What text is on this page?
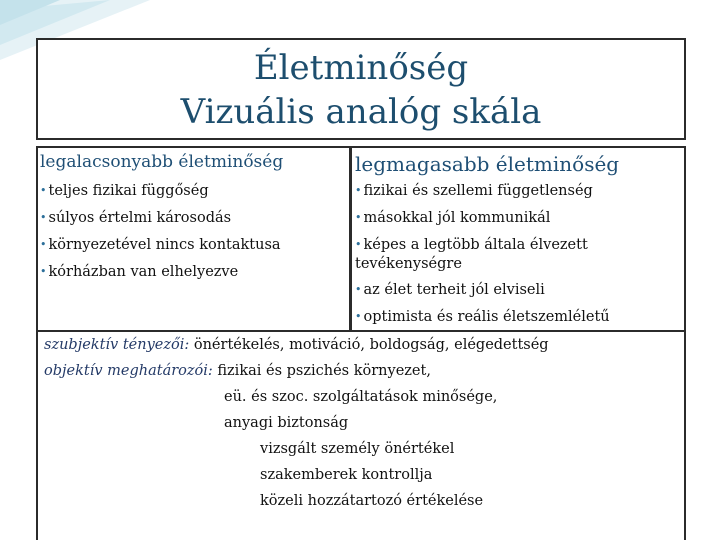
Életminőség
Vizuális analóg skála
legalacsonyabb életminőség
• teljes fizikai függőség
• súlyos értelmi károsodás
• környezetével nincs kontaktusa
• kórházban van elhelyezve
legmagasabb életminőség
• fizikai és szellemi függetlenség
• másokkal jól kommunikál
• képes a legtöbb általa élvezett
tevékenységre
• az élet terheit jól elviseli
• optimista és reális életszemléletű
szubjektív tényezői: önértékelés, motiváció, boldogság, elégedettség
objektív meghatározói: fizikai és pszichés környezet,
eü. és szoc. szolgáltatások minősége,
anyagi biztonság
vizsgált személy önértékel
szakemberek kontrollja
közeli hozzátartozó értékelése
